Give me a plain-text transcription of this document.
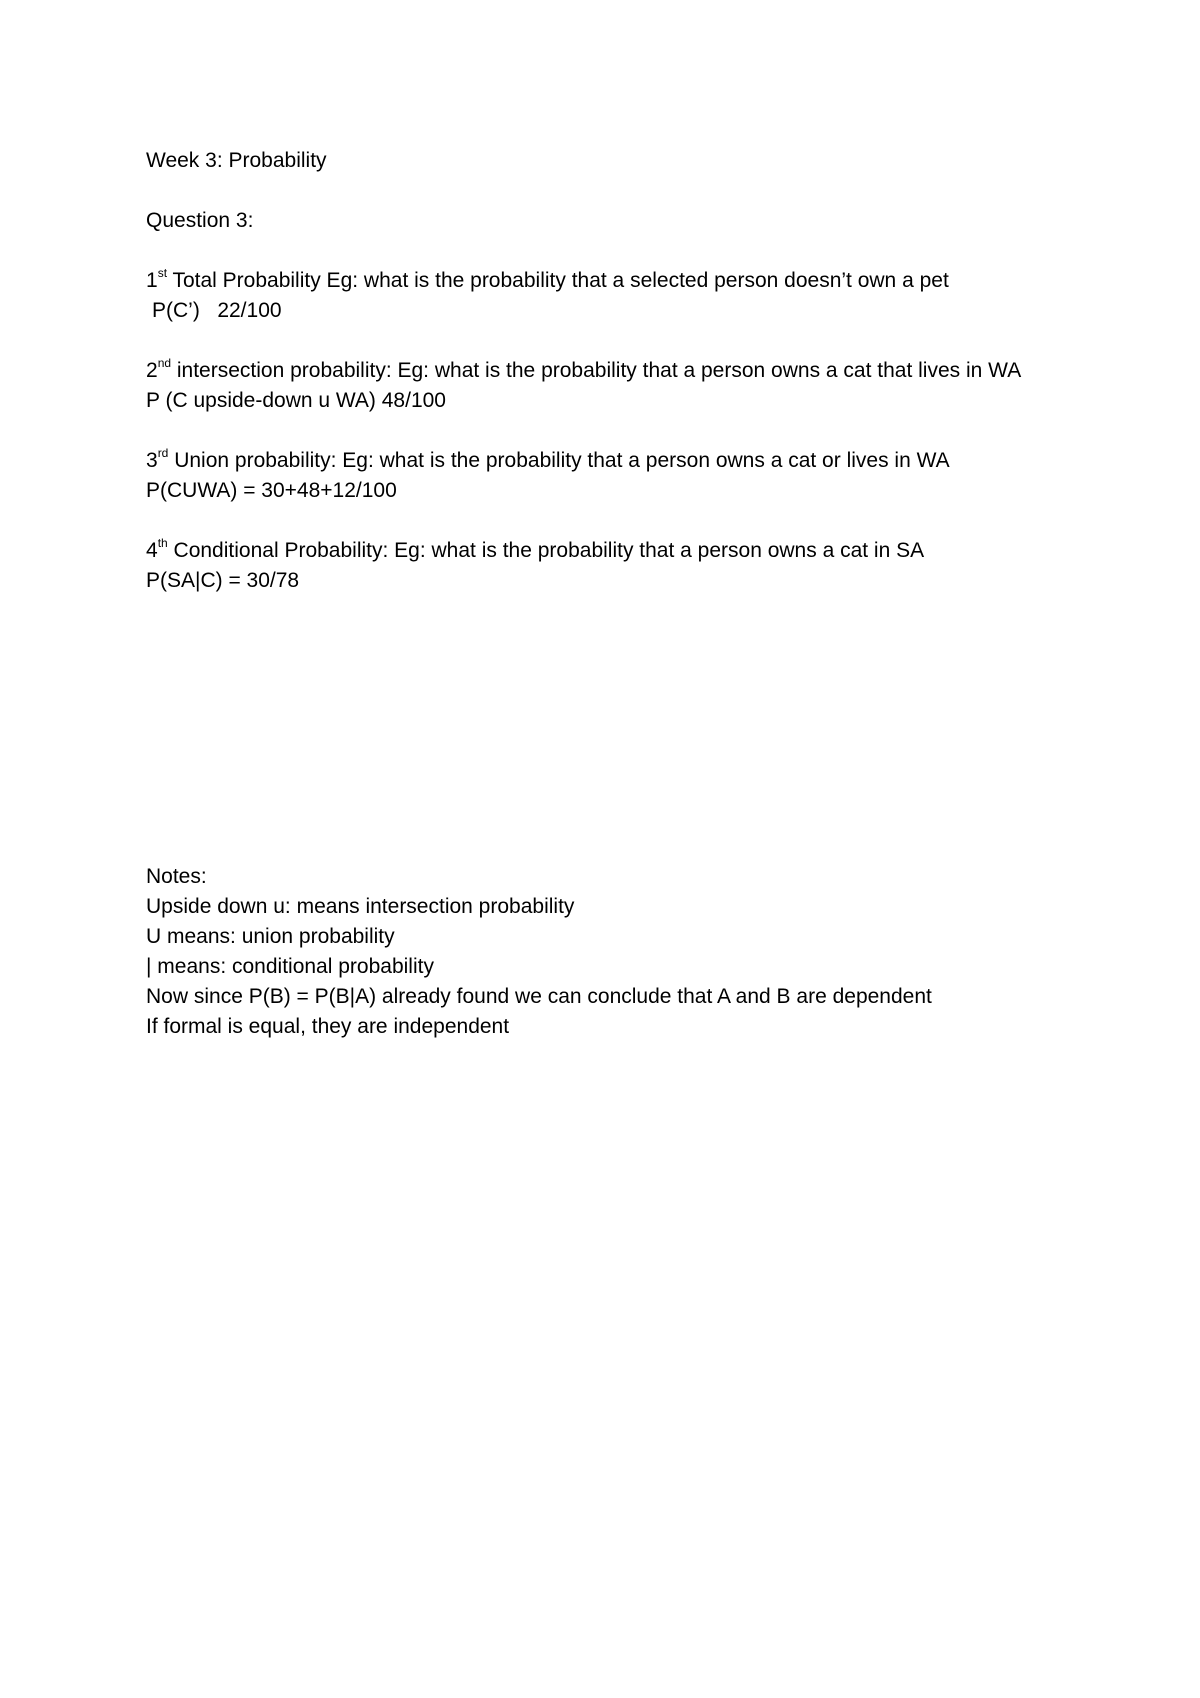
Week 3: Probability
Question 3:
1st Total Probability Eg: what is the probability that a selected person doesn’t own a pet
P(C’)   22/100
2nd intersection probability: Eg: what is the probability that a person owns a cat that lives in WA
P (C upside-down u WA) 48/100
3rd Union probability: Eg: what is the probability that a person owns a cat or lives in WA
P(CUWA) = 30+48+12/100
4th Conditional Probability: Eg: what is the probability that a person owns a cat in SA
P(SA|C) = 30/78
Notes:
Upside down u: means intersection probability
U means: union probability
| means: conditional probability
Now since P(B) = P(B|A) already found we can conclude that A and B are dependent
If formal is equal, they are independent
